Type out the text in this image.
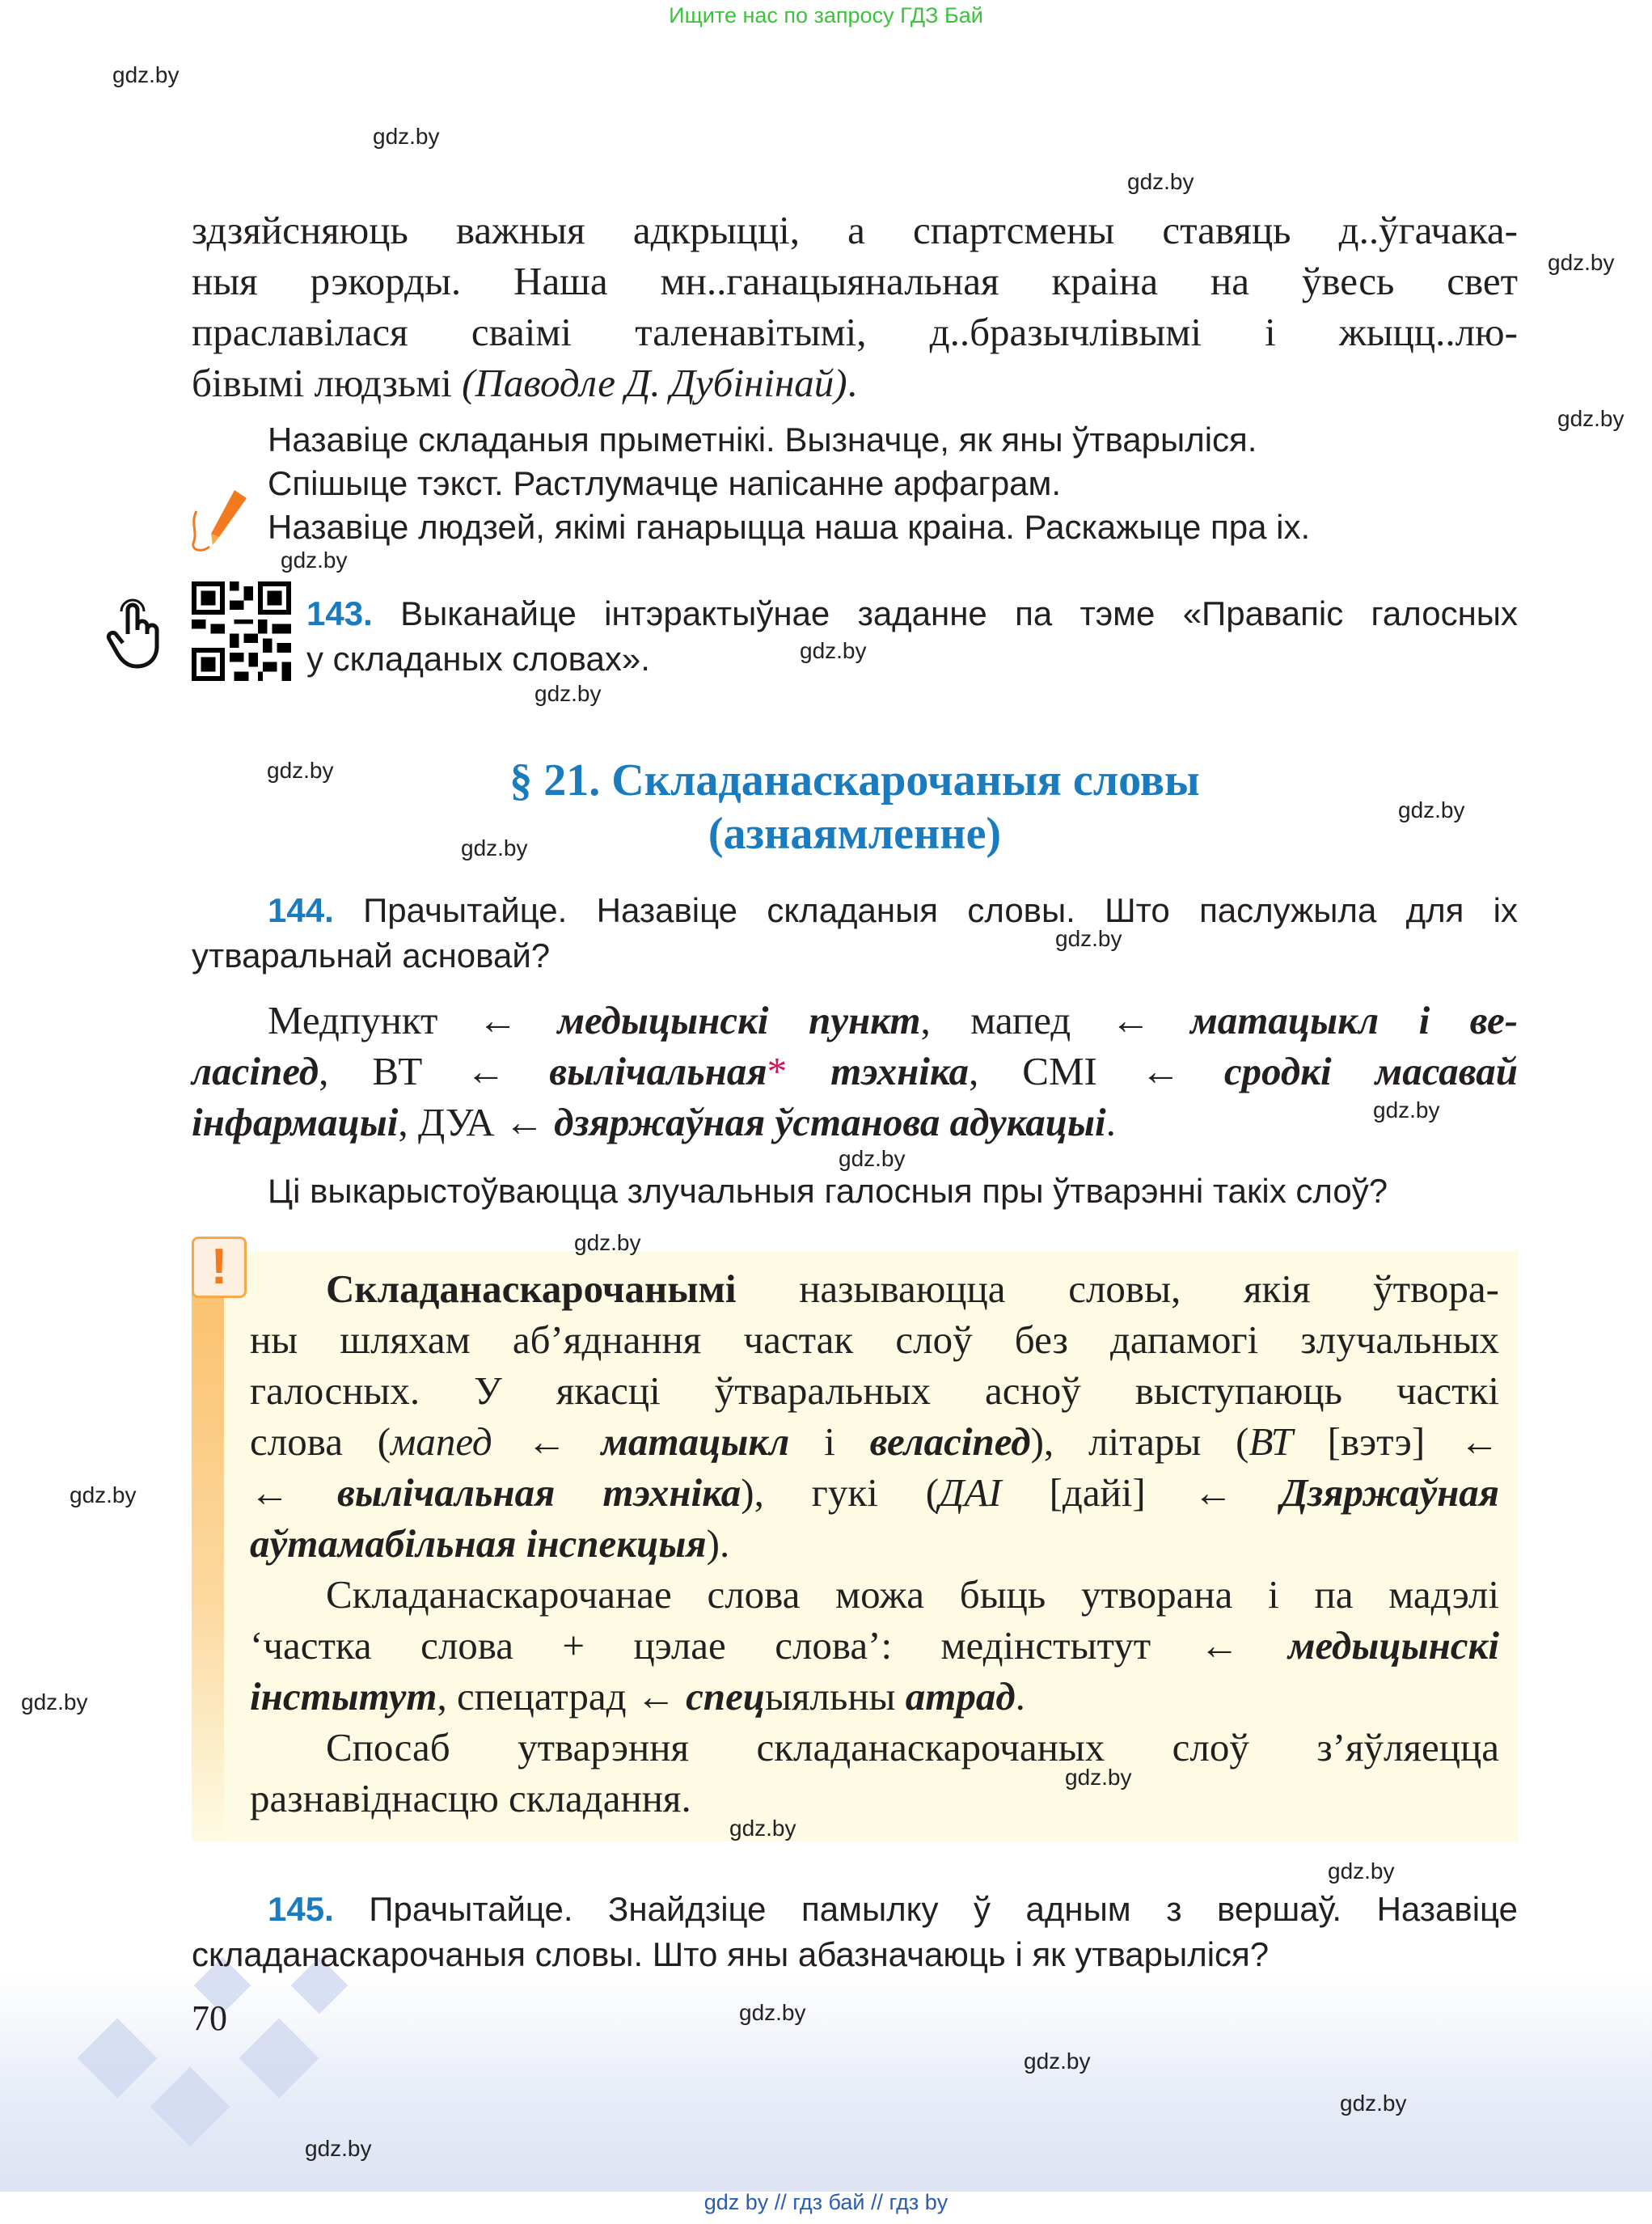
Ищите нас по запросу ГДЗ Бай
здзяйсняюць важныя адкрыцці, а спартсмены ставяць д..ўгачака-
ныя рэкорды. Наша мн..ганацыянальная краіна на ўвесь свет
праславілася сваімі таленавітымі, д..бразычлівымі і жыцц..лю-
бівымі людзьмі (Паводле Д. Дубінінай).
Назавіце складаныя прыметнікі. Вызначце, як яны ўтварыліся.
Спішыце тэкст. Растлумачце напісанне арфаграм.
Назавіце людзей, якімі ганарыцца наша краіна. Раскажыце пра іх.
143. Выканайце інтэрактыўнае заданне па тэме «Правапіс галосных
у складаных словах».
§ 21. Складанаскарочаныя словы
(азнаямленне)
144. Прачытайце. Назавіце складаныя словы. Што паслужыла для іх
утваральнай асновай?
Медпункт ← медыцынскі пункт, мапед ← матацыкл і ве-
ласіпед, ВТ ← вылічальная* тэхніка, СМІ ← сродкі масавай
інфармацыі, ДУА ← дзяржаўная ўстанова адукацыі.
Ці выкарыстоўваюцца злучальныя галосныя пры ўтварэнні такіх слоў?
Складанаскарочанымі называюцца словы, якія ўтвора-
ны шляхам аб’яднання частак слоў без дапамогі злучальных
галосных. У якасці ўтваральных асноў выступаюць часткі
слова (мапед ← матацыкл і веласіпед), літары (ВТ [вэтэ] ←
← вылічальная тэхніка), гукі (ДАІ [дайі] ← Дзяржаўная
аўтамабільная інспекцыя).
Складанаскарочанае слова можа быць утворана і па мадэлі
‘частка слова + цэлае слова’: медінстытут ← медыцынскі
інстытут, спецатрад ← спецыяльны атрад.
Спосаб утварэння складанаскарочаных слоў з’яўляецца
разнавіднасцю складання.
!
145. Прачытайце. Знайдзіце памылку ў адным з вершаў. Назавіце
складанаскарочаныя словы. Што яны абазначаюць і як утварыліся?
70
gdz by // гдз бай // гдз by
gdz.by
gdz.by
gdz.by
gdz.by
gdz.by
gdz.by
gdz.by
gdz.by
gdz.by
gdz.by
gdz.by
gdz.by
gdz.by
gdz.by
gdz.by
gdz.by
gdz.by
gdz.by
gdz.by
gdz.by
gdz.by
gdz.by
gdz.by
gdz.by
